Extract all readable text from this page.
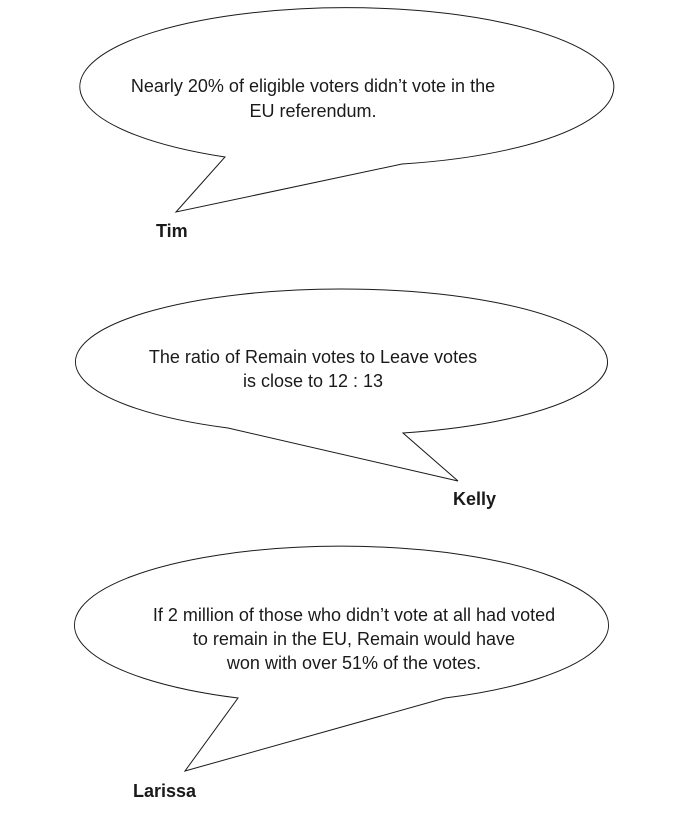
Nearly 20% of eligible voters didn’t vote in the
EU referendum.
Tim
The ratio of Remain votes to Leave votes
is close to 12 : 13
Kelly
If 2 million of those who didn’t vote at all had voted
to remain in the EU, Remain would have
won with over 51% of the votes.
Larissa
